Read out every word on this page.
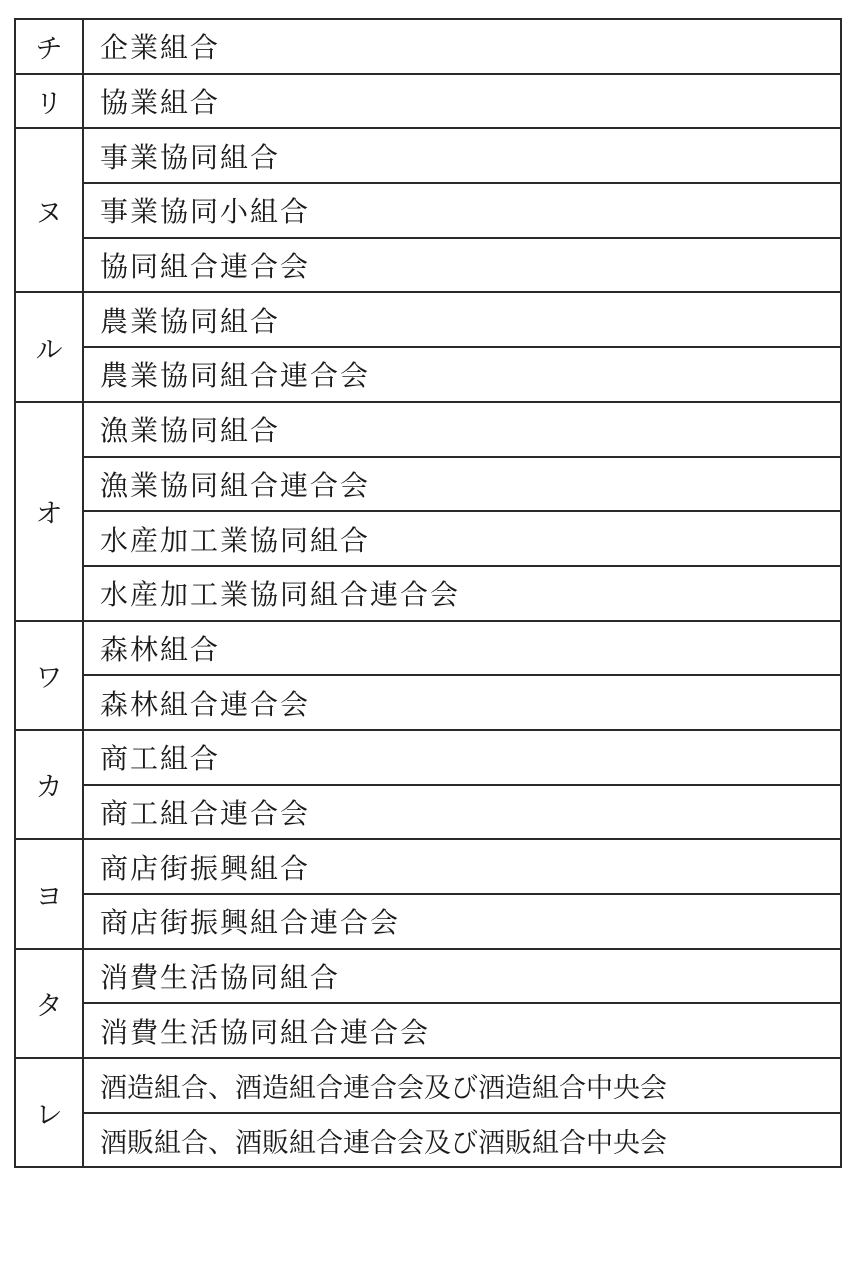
チ	企業組合
リ	協業組合
ヌ	事業協同組合
	事業協同小組合
	協同組合連合会
ル	農業協同組合
	農業協同組合連合会
オ	漁業協同組合
	漁業協同組合連合会
	水産加工業協同組合
	水産加工業協同組合連合会
ワ	森林組合
	森林組合連合会
カ	商工組合
	商工組合連合会
ヨ	商店街振興組合
	商店街振興組合連合会
タ	消費生活協同組合
	消費生活協同組合連合会
レ	酒造組合、酒造組合連合会及び酒造組合中央会
	酒販組合、酒販組合連合会及び酒販組合中央会
